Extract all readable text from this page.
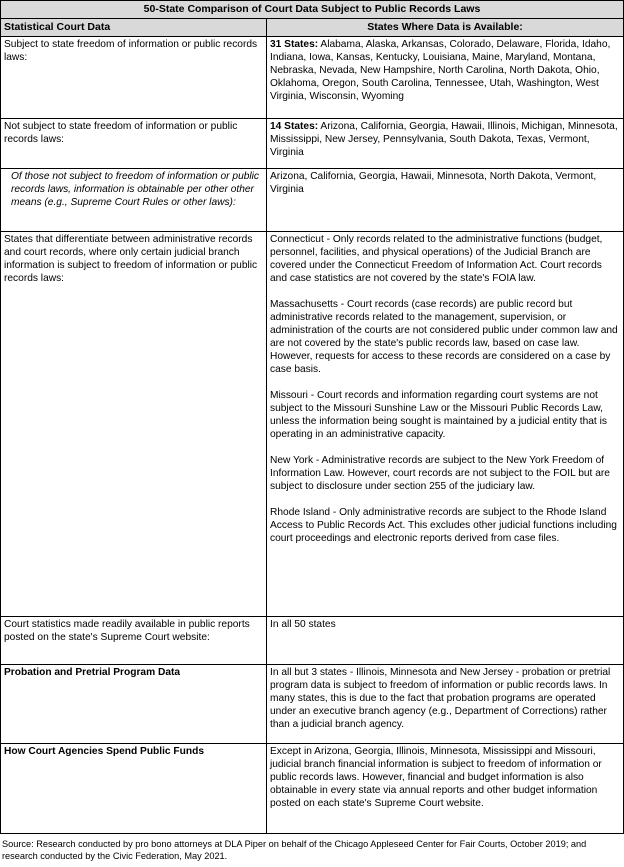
50-State Comparison of Court Data Subject to Public Records Laws	
Statistical Court Data	States Where Data is Available:
Subject to state freedom of information or public records laws:	31 States: Alabama, Alaska, Arkansas, Colorado, Delaware, Florida, Idaho, Indiana, Iowa, Kansas, Kentucky, Louisiana, Maine, Maryland, Montana, Nebraska, Nevada, New Hampshire, North Carolina, North Dakota, Ohio, Oklahoma, Oregon, South Carolina, Tennessee, Utah, Washington, West Virginia, Wisconsin, Wyoming
Not subject to state freedom of information or public records laws:	14 States: Arizona, California, Georgia, Hawaii, Illinois, Michigan, Minnesota, Mississippi, New Jersey, Pennsylvania, South Dakota, Texas, Vermont, Virginia
Of those not subject to freedom of information or public records laws, information is obtainable per other other means (e.g., Supreme Court Rules or other laws):	Arizona, California, Georgia, Hawaii, Minnesota, North Dakota, Vermont, Virginia
States that differentiate between administrative records and court records, where only certain judicial branch information is subject to freedom of information or public records laws:	Connecticut - Only records related to the administrative functions (budget, personnel, facilities, and physical operations) of the Judicial Branch are covered under the Connecticut Freedom of Information Act. Court records and case statistics are not covered by the state's FOIA law.

Massachusetts - Court records (case records) are public record but administrative records related to the management, supervision, or administration of the courts are not considered public under common law and are not covered by the state's public records law, based on case law. However, requests for access to these records are considered on a case by case basis.

Missouri - Court records and information regarding court systems are not subject to the Missouri Sunshine Law or the Missouri Public Records Law, unless the information being sought is maintained by a judicial entity that is operating in an administrative capacity.

New York - Administrative records are subject to the New York Freedom of Information Law. However, court records are not subject to the FOIL but are subject to disclosure under section 255 of the judiciary law.

Rhode Island - Only administrative records are subject to the Rhode Island Access to Public Records Act. This excludes other judicial functions including court proceedings and electronic reports derived from case files.

Court statistics made readily available in public reports posted on the state's Supreme Court website:	In all 50 states
Probation and Pretrial Program Data	In all but 3 states - Illinois, Minnesota and New Jersey - probation or pretrial program data is subject to freedom of information or public records laws. In many states, this is due to the fact that probation programs are operated under an executive branch agency (e.g., Department of Corrections) rather than a judicial branch agency.
How Court Agencies Spend Public Funds	Except in Arizona, Georgia, Illinois, Minnesota, Mississippi and Missouri, judicial branch financial information is subject to freedom of information or public records laws. However, financial and budget information is also obtainable in every state via annual reports and other budget information posted on each state's Supreme Court website.
Source: Research conducted by pro bono attorneys at DLA Piper on behalf of the Chicago Appleseed Center for Fair Courts, October 2019; and research conducted by the Civic Federation, May 2021.
